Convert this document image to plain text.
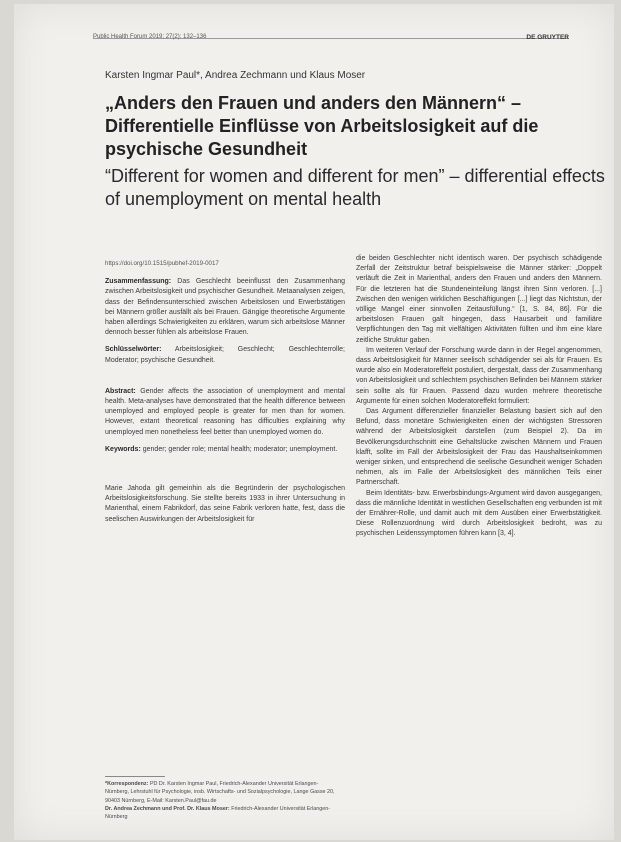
Public Health Forum 2019; 27(2): 132–136	DE GRUYTER
Karsten Ingmar Paul*, Andrea Zechmann und Klaus Moser
„Anders den Frauen und anders den Männern“ – Differentielle Einflüsse von Arbeitslosigkeit auf die psychische Gesundheit
“Different for women and different for men” – differential effects of unemployment on mental health
https://doi.org/10.1515/pubhef-2019-0017
Zusammenfassung: Das Geschlecht beeinflusst den Zusammenhang zwischen Arbeitslosigkeit und psychischer Gesundheit. Metaanalysen zeigen, dass der Befindensunterschied zwischen Arbeitslosen und Erwerbstätigen bei Männern größer ausfällt als bei Frauen. Gängige theoretische Argumente haben allerdings Schwierigkeiten zu erklären, warum sich arbeitslose Männer dennoch besser fühlen als arbeitslose Frauen.
Schlüsselwörter: Arbeitslosigkeit; Geschlecht; Geschlechterrolle; Moderator; psychische Gesundheit.
Abstract: Gender affects the association of unemployment and mental health. Meta-analyses have demonstrated that the health difference between unemployed and employed people is greater for men than for women. However, extant theoretical reasoning has difficulties explaining why unemployed men nonetheless feel better than unemployed women do.
Keywords: gender; gender role; mental health; moderator; unemployment.

Marie Jahoda gilt gemeinhin als die Begründerin der psychologischen Arbeitslosigkeitsforschung. Sie stellte bereits 1933 in ihrer Untersuchung in Marienthal, einem Fabrikdorf, das seine Fabrik verloren hatte, fest, dass die seelischen Auswirkungen der Arbeitslosigkeit für

*Korrespondenz: PD Dr. Karsten Ingmar Paul, Friedrich-Alexander Universität Erlangen-Nürnberg, Lehrstuhl für Psychologie, insb. Wirtschafts- und Sozialpsychologie, Lange Gasse 20, 90403 Nürnberg, E-Mail: Karsten.Paul@fau.de
Dr. Andrea Zechmann und Prof. Dr. Klaus Moser: Friedrich-Alexander Universität Erlangen-Nürnberg

die beiden Geschlechter nicht identisch waren. Der psychisch schädigende Zerfall der Zeitstruktur betraf beispielsweise die Männer stärker: „Doppelt verläuft die Zeit in Marienthal, anders den Frauen und anders den Männern. Für die letzteren hat die Stundeneinteilung längst ihren Sinn verloren. [...] Zwischen den wenigen wirklichen Beschäftigungen [...] liegt das Nichtstun, der völlige Mangel einer sinnvollen Zeitausfüllung.“ [1, S. 84, 86]. Für die arbeitslosen Frauen galt hingegen, dass Hausarbeit und familiäre Verpflichtungen den Tag mit vielfältigen Aktivitäten füllten und ihm eine klare zeitliche Struktur gaben.

Im weiteren Verlauf der Forschung wurde dann in der Regel angenommen, dass Arbeitslosigkeit für Männer seelisch schädigender sei als für Frauen. Es wurde also ein Moderatoreffekt postuliert, dergestalt, dass der Zusammenhang von Arbeitslosigkeit und schlechtem psychischen Befinden bei Männern stärker sein sollte als für Frauen. Passend dazu wurden mehrere theoretische Argumente für einen solchen Moderatoreffekt formuliert:

Das Argument differenzieller finanzieller Belastung basiert sich auf den Befund, dass monetäre Schwierigkeiten einen der wichtigsten Stressoren während der Arbeitslosigkeit darstellen (zum Beispiel 2). Da im Bevölkerungsdurchschnitt eine Gehaltslücke zwischen Männern und Frauen klafft, sollte im Fall der Arbeitslosigkeit der Frau das Haushaltseinkommen weniger sinken, und entsprechend die seelische Gesundheit weniger Schaden nehmen, als im Falle der Arbeitslosigkeit des männlichen Teils einer Partnerschaft.

Beim Identitäts- bzw. Erwerbsbindungs-Argument wird davon ausgegangen, dass die männliche Identität in westlichen Gesellschaften eng verbunden ist mit der Ernährer-Rolle, und damit auch mit dem Ausüben einer Erwerbstätigkeit. Diese Rollenzuordnung wird durch Arbeitslosigkeit bedroht, was zu psychischen Leidenssymptomen führen kann [3, 4].
